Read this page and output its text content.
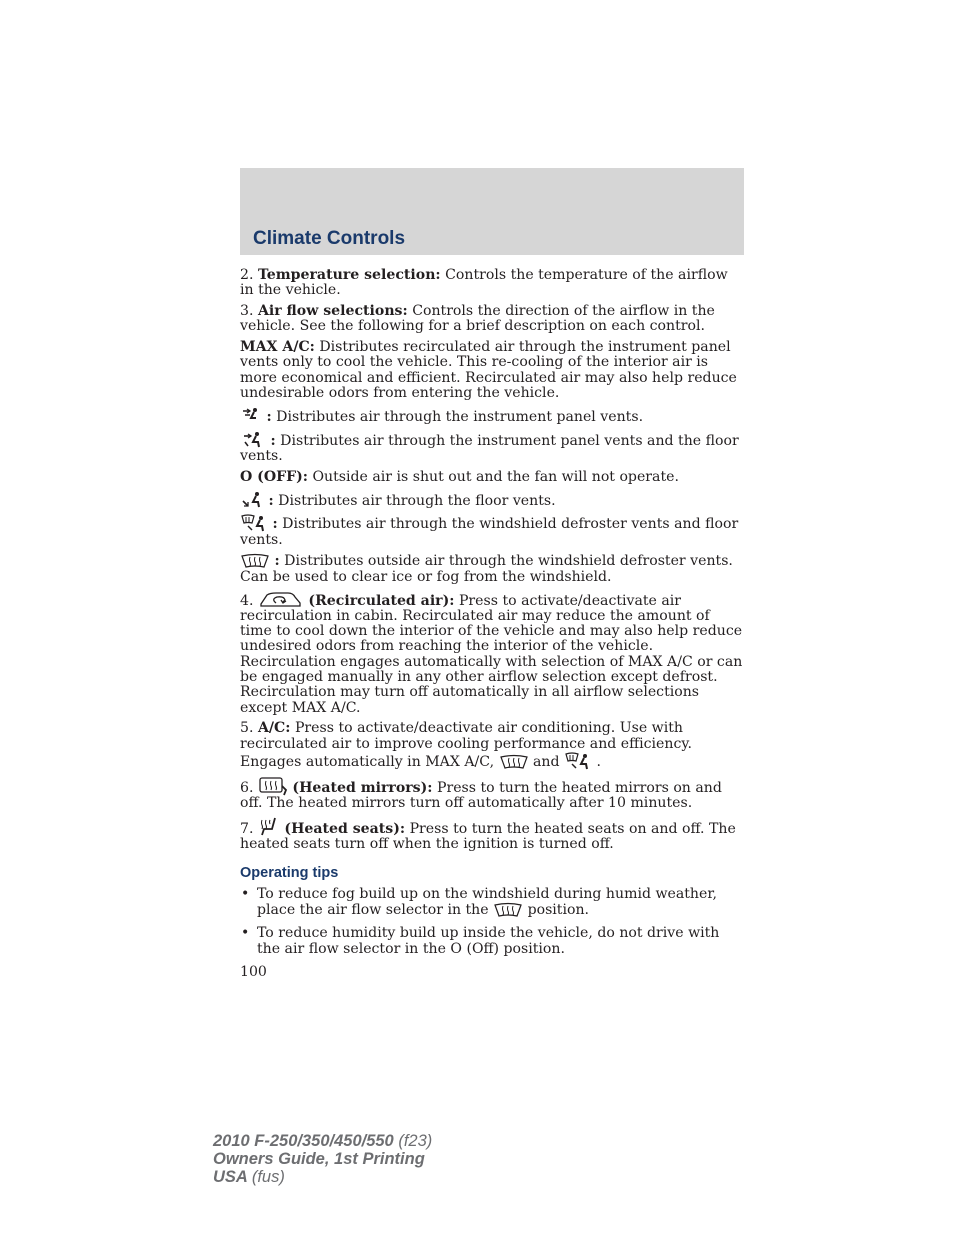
Climate Controls

2. Temperature selection: Controls the temperature of the airflow in the vehicle.

3. Air flow selections: Controls the direction of the airflow in the vehicle. See the following for a brief description on each control.

MAX A/C: Distributes recirculated air through the instrument panel vents only to cool the vehicle. This re-cooling of the interior air is more economical and efficient. Recirculated air may also help reduce undesirable odors from entering the vehicle.

: Distributes air through the instrument panel vents.

: Distributes air through the instrument panel vents and the floor vents.

O (OFF): Outside air is shut out and the fan will not operate.

: Distributes air through the floor vents.

: Distributes air through the windshield defroster vents and floor vents.

: Distributes outside air through the windshield defroster vents. Can be used to clear ice or fog from the windshield.

4.	(Recirculated air): Press to activate/deactivate air recirculation in cabin. Recirculated air may reduce the amount of time to cool down the interior of the vehicle and may also help reduce undesired odors from reaching the interior of the vehicle. Recirculation engages automatically with selection of MAX A/C or can be engaged manually in any other airflow selection except defrost. Recirculation may turn off automatically in all airflow selections except MAX A/C.

5. A/C: Press to activate/deactivate air conditioning. Use with recirculated air to improve cooling performance and efficiency. Engages automatically in MAX A/C,	and	.

6.	(Heated mirrors): Press to turn the heated mirrors on and off. The heated mirrors turn off automatically after 10 minutes.

7. (Heated seats): Press to turn the heated seats on and off. The heated seats turn off when the ignition is turned off.

Operating tips
• To reduce fog build up on the windshield during humid weather, place the air flow selector in the	position.
• To reduce humidity build up inside the vehicle, do not drive with the air flow selector in the O (Off) position.
100
2010 F-250/350/450/550 (f23)
Owners Guide, 1st Printing
USA (fus)
